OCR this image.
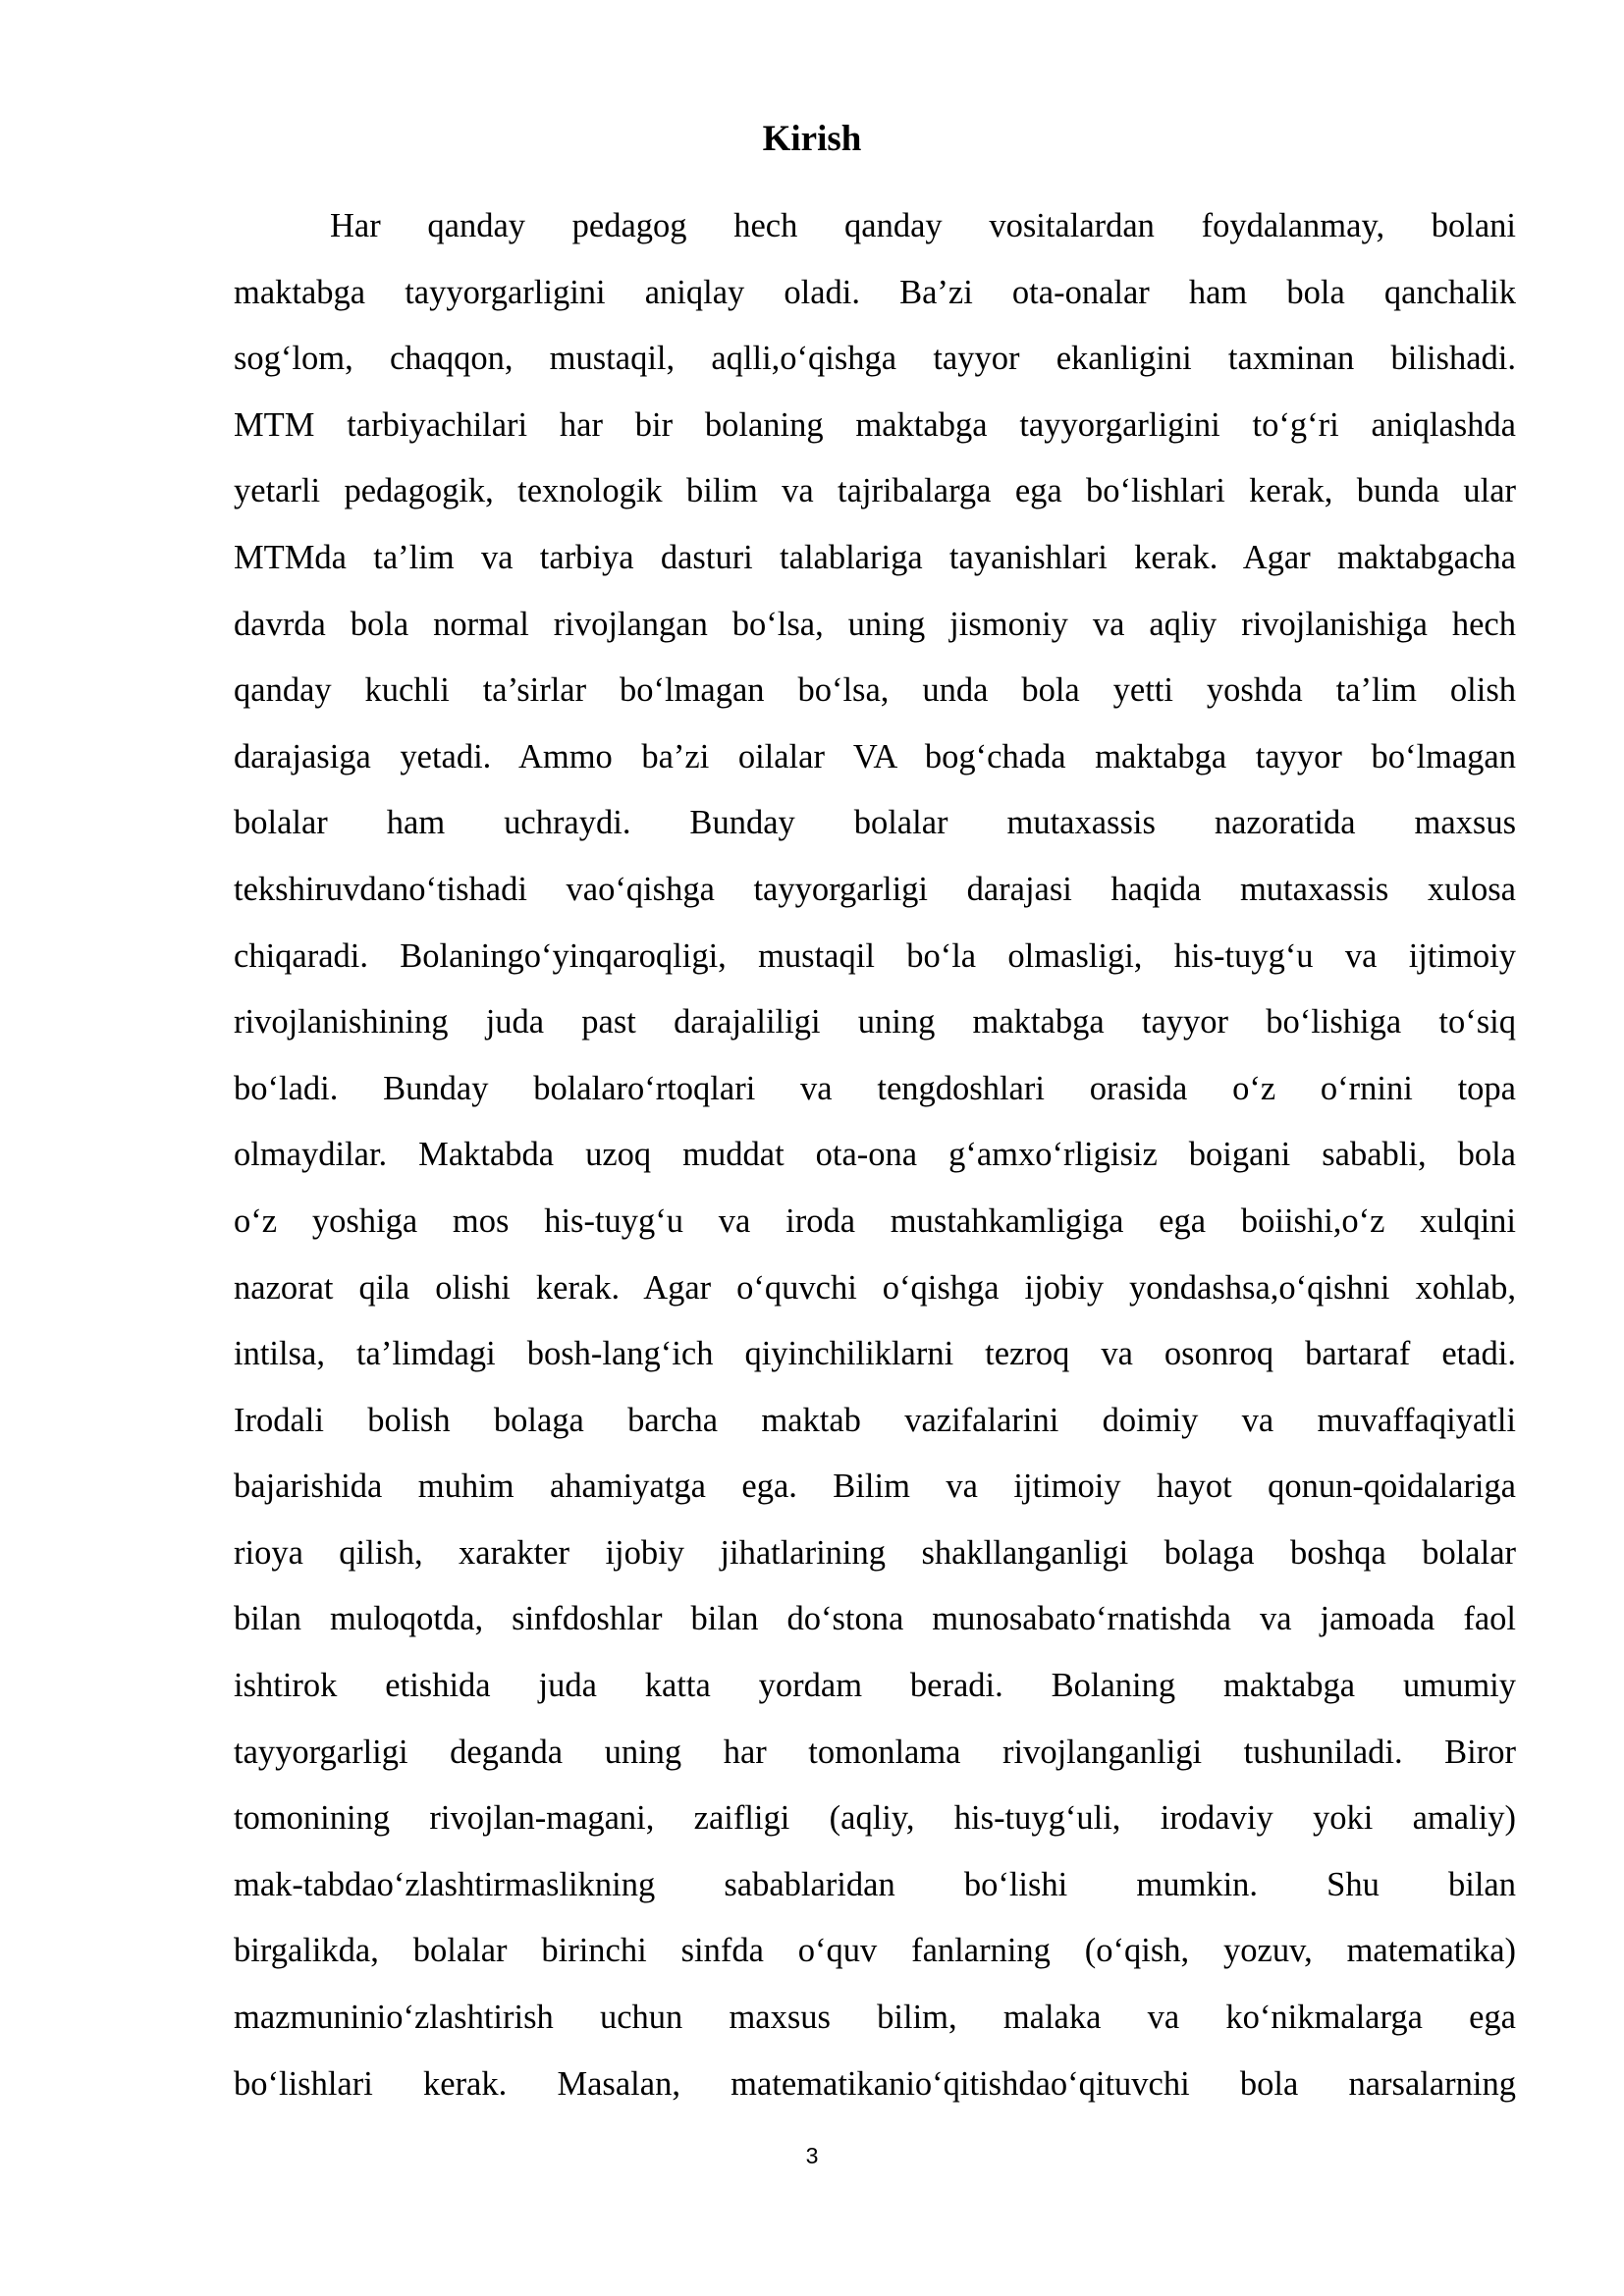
Kirish
Har qanday pedagog hech qanday vositalardan foydalanmay, bolani
maktabga tayyorgarligini aniqlay oladi. Ba’zi ota-onalar ham bola qanchalik
sog‘lom, chaqqon, mustaqil, aqlli,o‘qishga tayyor ekanligini taxminan bilishadi.
MTM tarbiyachilari har bir bolaning maktabga tayyorgarligini to‘g‘ri aniqlashda
yetarli pedagogik, texnologik bilim va tajribalarga ega bo‘lishlari kerak, bunda ular
MTMda ta’lim va tarbiya dasturi talablariga tayanishlari kerak. Agar maktabgacha
davrda bola normal rivojlangan bo‘lsa, uning jismoniy va aqliy rivojlanishiga hech
qanday kuchli ta’sirlar bo‘lmagan bo‘lsa, unda bola yetti yoshda ta’lim olish
darajasiga yetadi. Ammo ba’zi oilalar VA bog‘chada maktabga tayyor bo‘lmagan
bolalar ham uchraydi. Bunday bolalar mutaxassis nazoratida maxsus
tekshiruvdano‘tishadi vao‘qishga tayyorgarligi darajasi haqida mutaxassis xulosa
chiqaradi. Bolaningo‘yinqaroqligi, mustaqil bo‘la olmasligi, his-tuyg‘u va ijtimoiy
rivojlanishining juda past darajaliligi uning maktabga tayyor bo‘lishiga to‘siq
bo‘ladi. Bunday bolalaro‘rtoqlari va tengdoshlari orasida o‘z o‘rnini topa
olmaydilar. Maktabda uzoq muddat ota-ona g‘amxo‘rligisiz boigani sababli, bola
o‘z yoshiga mos his-tuyg‘u va iroda mustahkamligiga ega boiishi,o‘z xulqini
nazorat qila olishi kerak. Agar o‘quvchi o‘qishga ijobiy yondashsa,o‘qishni xohlab,
intilsa, ta’limdagi bosh-lang‘ich qiyinchiliklarni tezroq va osonroq bartaraf etadi.
Irodali bolish bolaga barcha maktab vazifalarini doimiy va muvaffaqiyatli
bajarishida muhim ahamiyatga ega. Bilim va ijtimoiy hayot qonun-qoidalariga
rioya qilish, xarakter ijobiy jihatlarining shakllanganligi bolaga boshqa bolalar
bilan muloqotda, sinfdoshlar bilan do‘stona munosabato‘rnatishda va jamoada faol
ishtirok etishida juda katta yordam beradi. Bolaning maktabga umumiy
tayyorgarligi deganda uning har tomonlama rivojlanganligi tushuniladi. Biror
tomonining rivojlan-magani, zaifligi (aqliy, his-tuyg‘uli, irodaviy yoki amaliy)
mak-tabdao‘zlashtirmaslikning sabablaridan bo‘lishi mumkin. Shu bilan
birgalikda, bolalar birinchi sinfda o‘quv fanlarning (o‘qish, yozuv, matematika)
mazmuninio‘zlashtirish uchun maxsus bilim, malaka va ko‘nikmalarga ega
bo‘lishlari kerak. Masalan, matematikanio‘qitishdao‘qituvchi bola narsalarning
3
